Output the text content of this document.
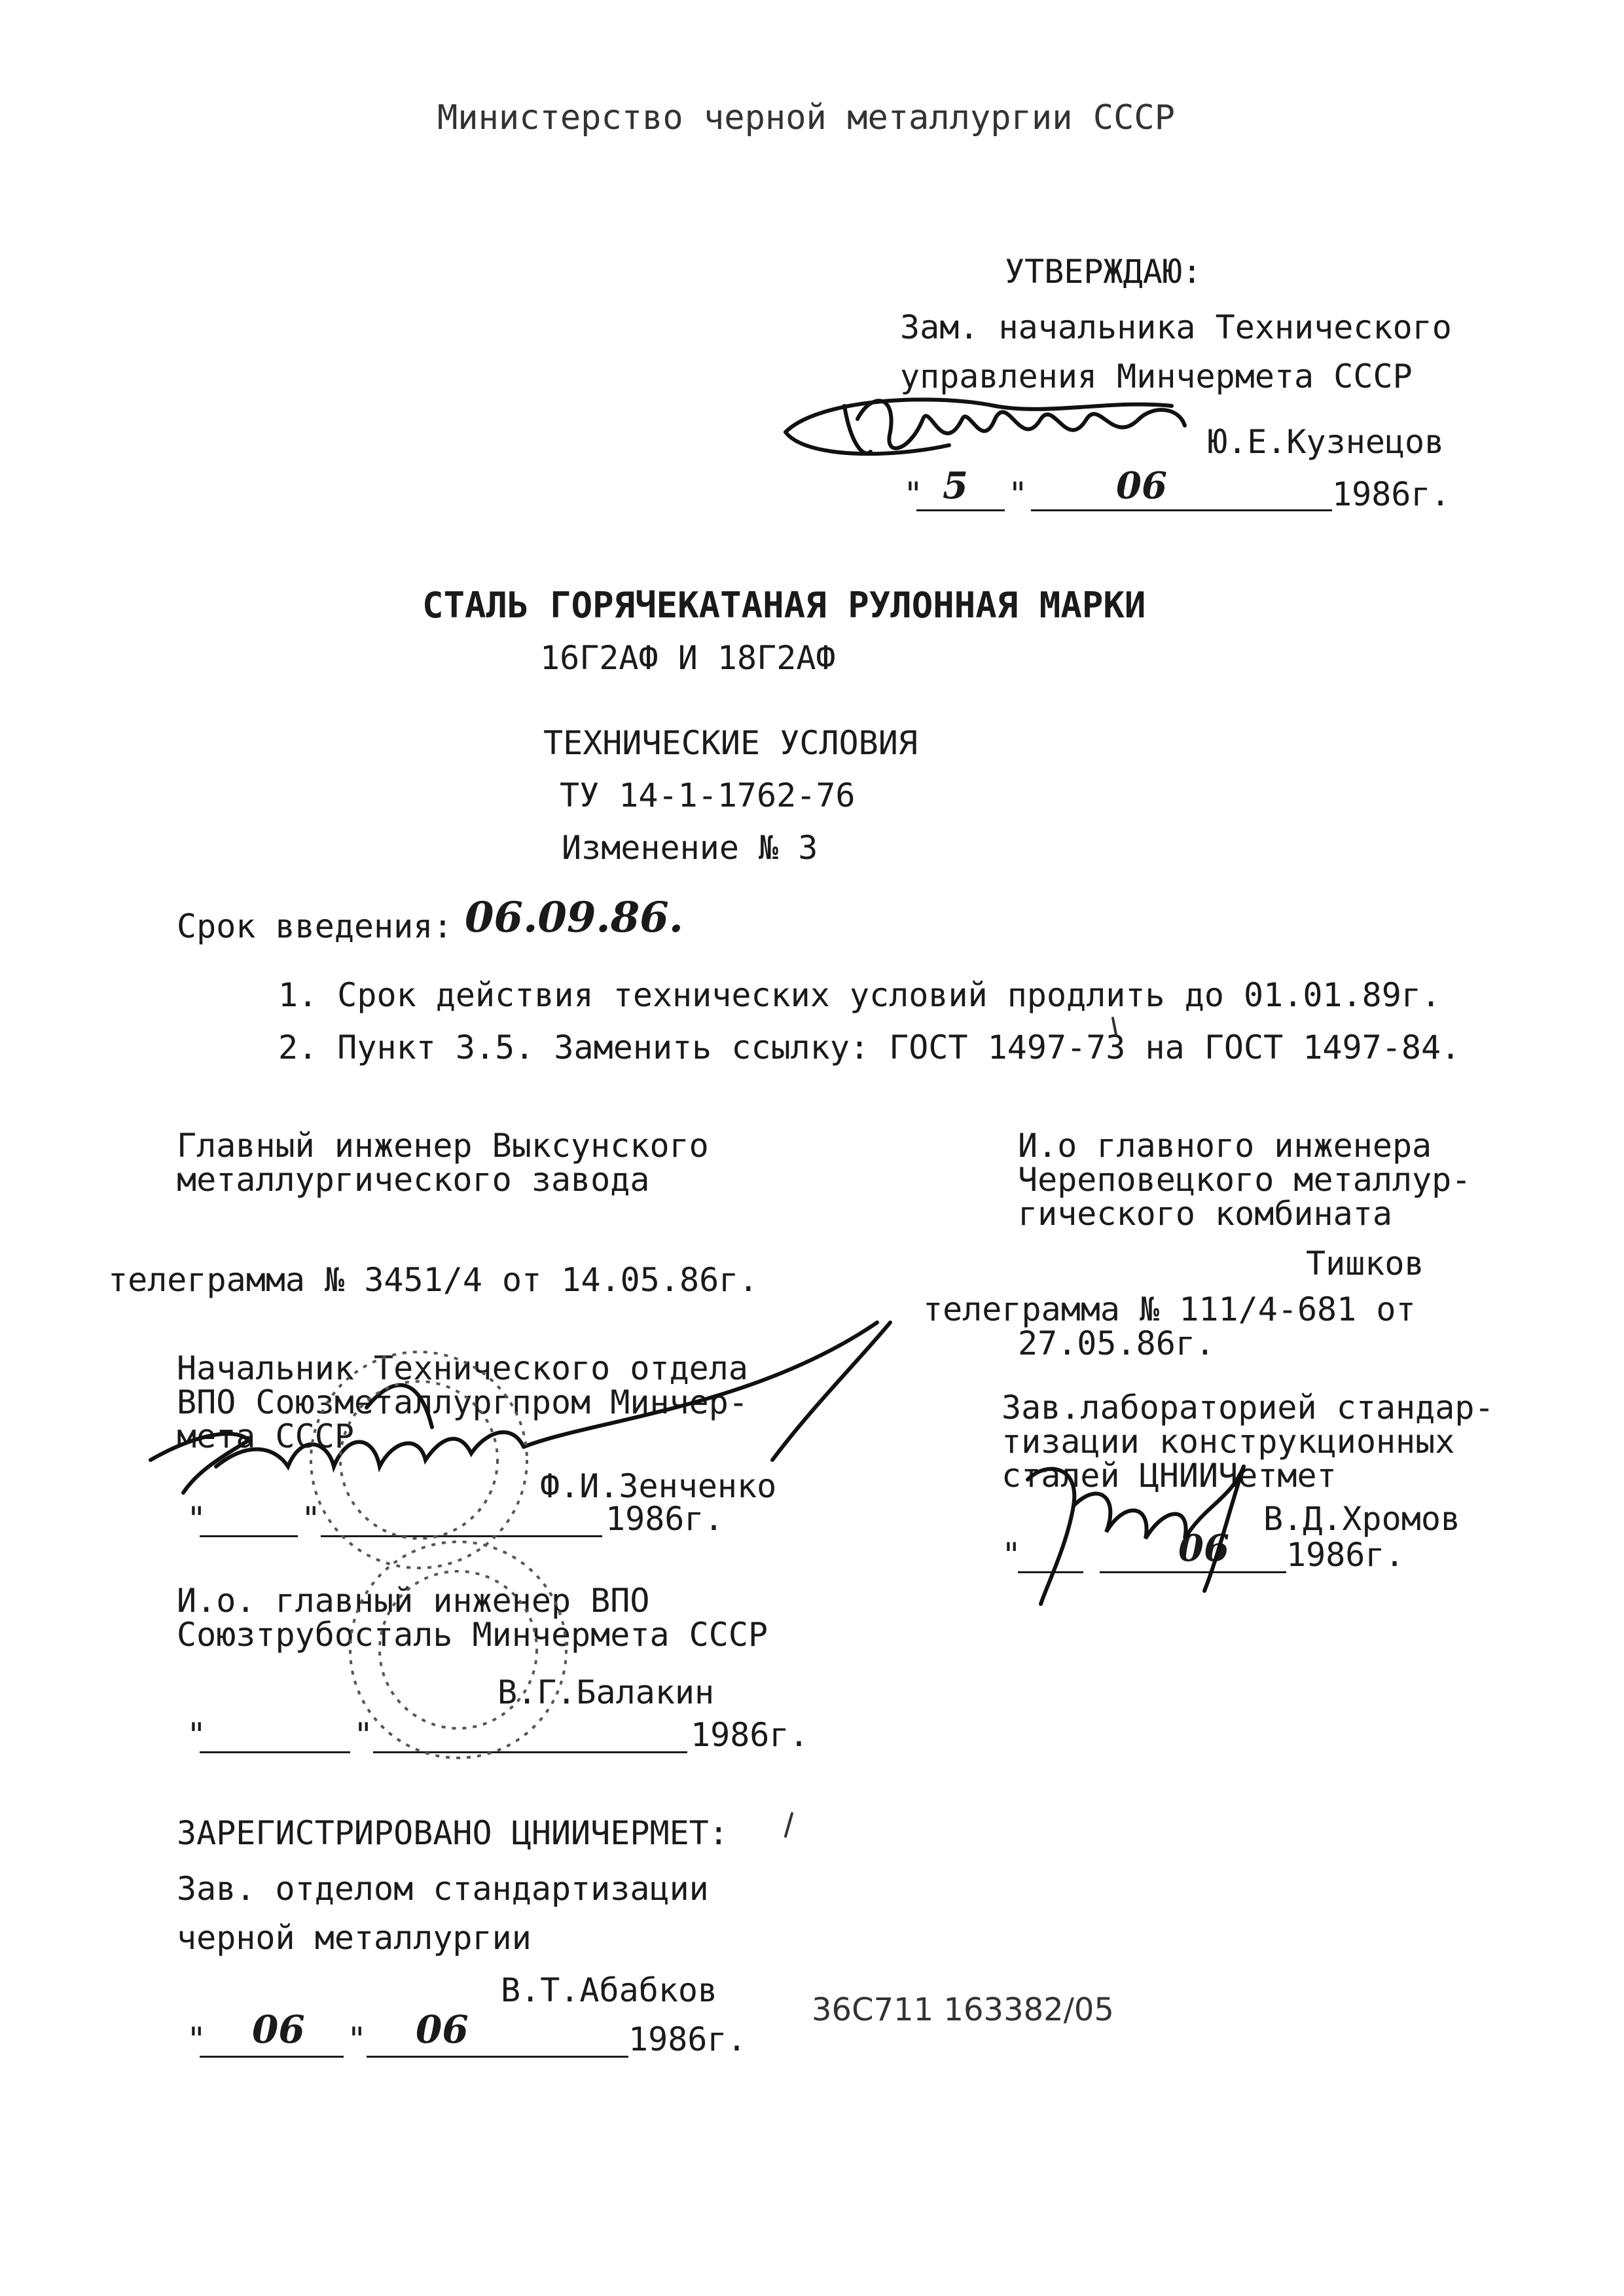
Министерство черной металлургии СССР
УТВЕРЖДАЮ:
Зам. начальника Технического
управления Минчермета СССР
Ю.Е.Кузнецов
" 5 " 06	1986г.
СТАЛЬ ГОРЯЧЕКАТАНАЯ РУЛОННАЯ МАРКИ
16Г2АФ И 18Г2АФ
ТЕХНИЧЕСКИЕ УСЛОВИЯ
ТУ 14-1-1762-76
Изменение № 3
Срок введения: 06.09.86.
1. Срок действия технических условий продлить до 01.01.89г.
2. Пункт 3.5. Заменить ссылку: ГОСТ 1497-73 на ГОСТ 1497-84.
Главный инженер Выксунского
металлургического завода
телеграмма № 3451/4 от 14.05.86г.
Начальник Технического отдела
ВПО Союзметаллургпром Минчер-
мета СССР
Ф.И.Зенченко
"	"	1986г.
И.о. главный инженер ВПО
Союзтрубосталь Минчермета СССР
В.Г.Балакин
"	"	1986г.
ЗАРЕГИСТРИРОВАНО ЦНИИЧЕРМЕТ:
Зав. отделом стандартизации
черной металлургии
В.Т.Абабков
" 06 " 06	1986г.
36С711 163382/05
И.о главного инженера
Череповецкого металлур-
гического комбината
Тишков
телеграмма № 111/4-681 от
27.05.86г.
Зав.лабораторией стандар-
тизации конструкционных
сталей ЦНИИЧетмет
В.Д.Хромов
"	06 1986г.
